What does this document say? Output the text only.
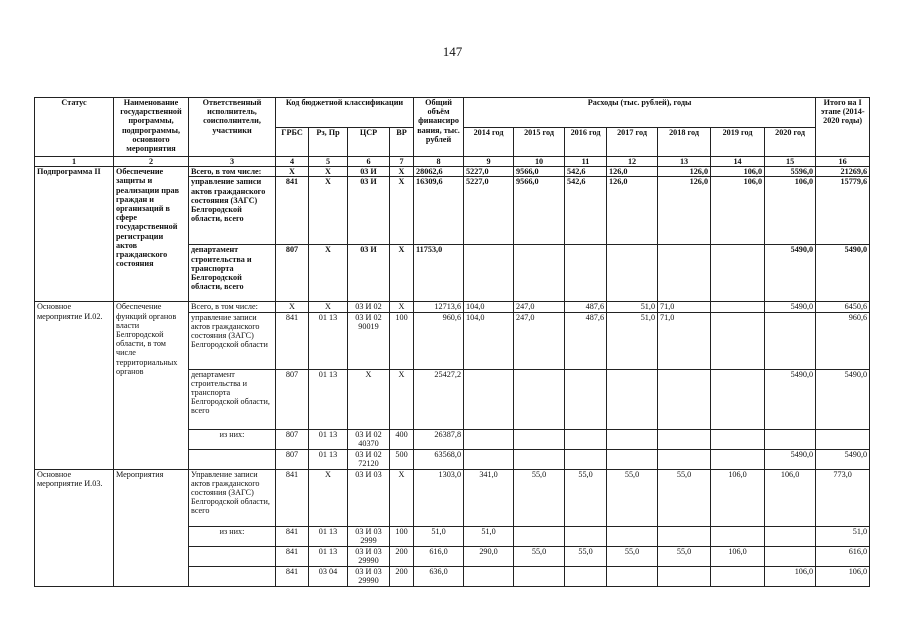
147
Статус	Наименование государственной программы, подпрограммы, основного мероприятия	Ответственный исполнитель, соисполнители, участники	Код бюджетной классификации				Общий объём финансиро вания, тыс. рублей	Расходы (тыс. рублей), годы							Итого на I этапе (2014-2020 годы)
			ГРБС	Рз, Пр	ЦСР	ВР		2014 год	2015 год	2016 год	2017 год	2018 год	2019 год	2020 год	
1	2	3	4	5	6	7	8	9	10	11	12	13	14	15	16
Подпрограмма II	Обеспечение защиты и реализации прав граждан и организаций в сфере государственной регистрации актов гражданского состояния	Всего, в том числе:	Х	Х	03 И	Х	28062,6	5227,0	9566,0	542,6	126,0	126,0	106,0	5596,0	21269,6
		управление записи актов гражданского состояния (ЗАГС) Белгородской области, всего	841	Х	03 И	Х	16309,6	5227,0	9566,0	542,6	126,0	126,0	106,0	106,0	15779,6
		департамент строительства и транспорта Белгородской области, всего	807	Х	03 И	Х	11753,0							5490,0	5490,0
Основное мероприятие И.02.	Обеспечение функций органов власти Белгородской области, в том числе территориальных органов	Всего, в том числе:	Х	Х	03 И 02	Х	12713,6	104,0	247,0	487,6	51,0	71,0		5490,0	6450,6
		управление записи актов гражданского состояния (ЗАГС) Белгородской области	841	01 13	03 И 02 90019	100	960,6	104,0	247,0	487,6	51,0	71,0			960,6
		департамент строительства и транспорта Белгородской области, всего	807	01 13	Х	Х	25427,2							5490,0	5490,0
		из них:	807	01 13	03 И 02 40370	400	26387,8								
			807	01 13	03 И 02 72120	500	63568,0							5490,0	5490,0
Основное мероприятие И.03.	Мероприятия	Управление записи актов гражданского состояния (ЗАГС) Белгородской области, всего	841	Х	03 И 03	Х	1303,0	341,0	55,0	55,0	55,0	55,0	106,0	106,0	773,0
		из них:	841	01 13	03 И 03 2999	100	51,0	51,0							51,0
			841	01 13	03 И 03 29990	200	616,0	290,0	55,0	55,0	55,0	55,0	106,0		616,0
			841	03 04	03 И 03 29990	200	636,0							106,0	106,0
